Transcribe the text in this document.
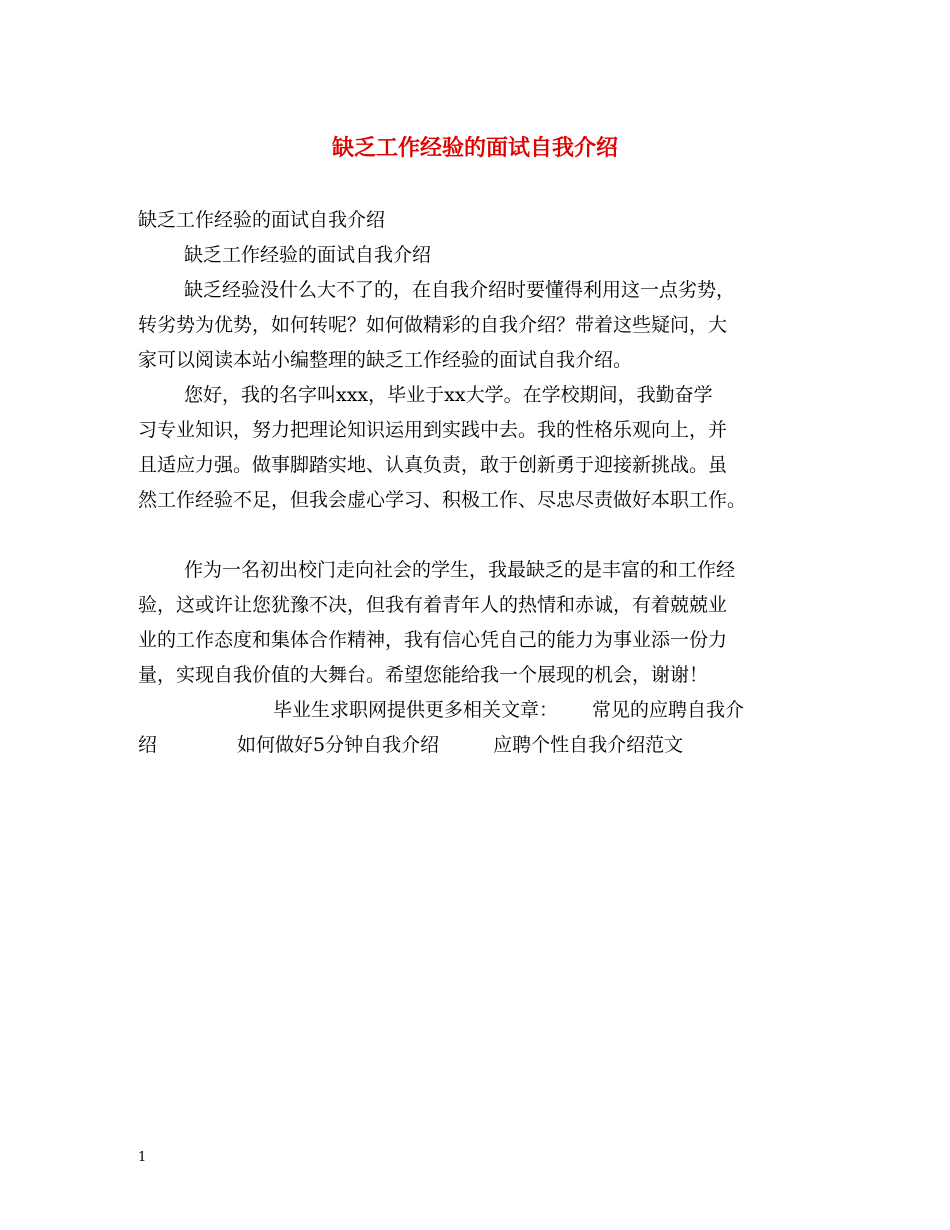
缺乏工作经验的面试自我介绍
缺乏工作经验的面试自我介绍
缺乏工作经验的面试自我介绍
缺乏经验没什么大不了的，在自我介绍时要懂得利用这一点劣势，
转劣势为优势，如何转呢？如何做精彩的自我介绍？带着这些疑问，大
家可以阅读本站小编整理的缺乏工作经验的面试自我介绍。
您好，我的名字叫xxx，毕业于xx大学。在学校期间，我勤奋学
习专业知识，努力把理论知识运用到实践中去。我的性格乐观向上，并
且适应力强。做事脚踏实地、认真负责，敢于创新勇于迎接新挑战。虽
然工作经验不足，但我会虚心学习、积极工作、尽忠尽责做好本职工作。
作为一名初出校门走向社会的学生，我最缺乏的是丰富的和工作经
验，这或许让您犹豫不决，但我有着青年人的热情和赤诚，有着兢兢业
业的工作态度和集体合作精神，我有信心凭自己的能力为事业添一份力
量，实现自我价值的大舞台。希望您能给我一个展现的机会，谢谢！
毕业生求职网提供更多相关文章： 常见的应聘自我介
绍	如何做好5分钟自我介绍	应聘个性自我介绍范文
1
